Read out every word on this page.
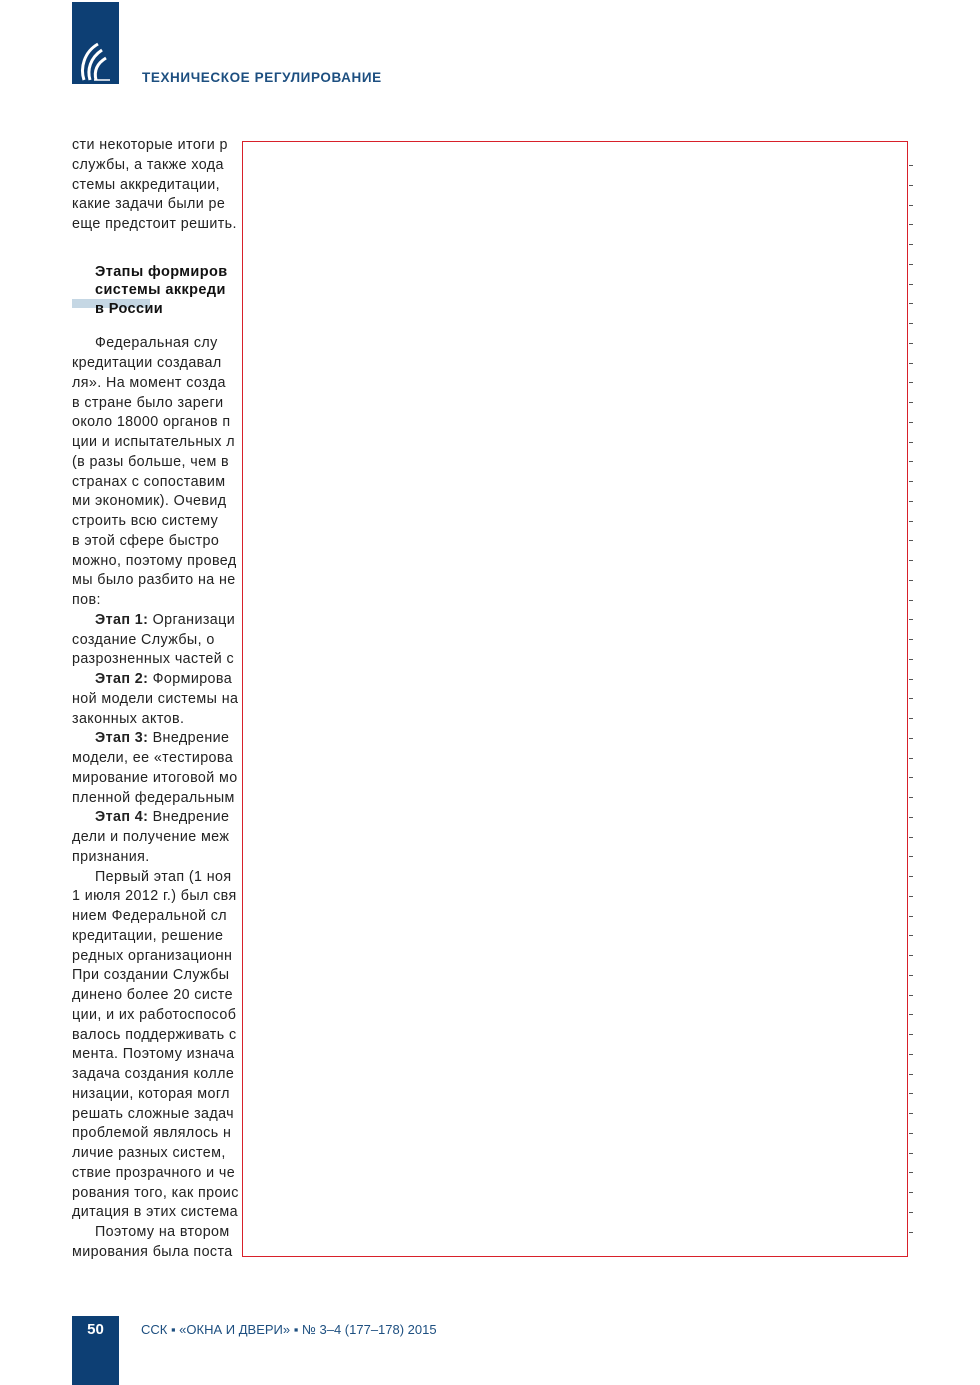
ТЕХНИЧЕСКОЕ РЕГУЛИРОВАНИЕ
сти некоторые итоги р
службы, а также хода
стемы аккредитации,
какие задачи были ре
еще предстоит решить.
Этапы формиров
системы аккреди
в России
Федеральная слу
кредитации создавал
ля». На момент созда
в стране было зареги
около 18000 органов п
ции и испытательных л
(в разы больше, чем в
странах с сопоставим
ми экономик). Очевид
строить всю систему
в этой сфере быстро
можно, поэтому провед
мы было разбито на не
пов:
Этап 1: Организаци
создание Службы, о
разрозненных частей с
Этап 2: Формирова
ной модели системы на
законных актов.
Этап 3: Внедрение
модели, ее «тестирова
мирование итоговой мо
пленной федеральным
Этап 4: Внедрение
дели и получение меж
признания.
Первый этап (1 ноя
1 июля 2012 г.) был свя
нием Федеральной сл
кредитации, решение
редных организационн
При создании Службы
динено более 20 систе
ции, и их работоспособ
валось поддерживать с
мента. Поэтому изнача
задача создания колле
низации, которая могл
решать сложные задач
проблемой являлось н
личие разных систем,
ствие прозрачного и че
рования того, как проис
дитация в этих система
Поэтому на втором
мирования была поста
50	ССК ▪ «ОКНА И ДВЕРИ» ▪ № 3–4 (177–178) 2015
